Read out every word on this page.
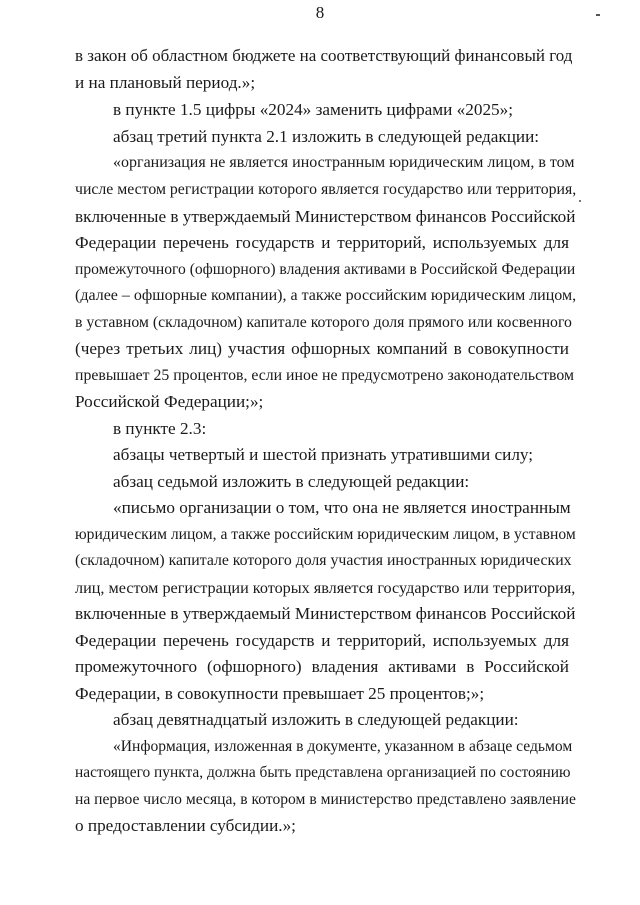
8
в закон об областном бюджете на соответствующий финансовый год
и на плановый период.»;
в пункте 1.5 цифры «2024» заменить цифрами «2025»;
абзац третий пункта 2.1 изложить в следующей редакции:
«организация не является иностранным юридическим лицом, в том
числе местом регистрации которого является государство или территория,
включенные в утверждаемый Министерством финансов Российской
Федерации перечень государств и территорий, используемых для
промежуточного (офшорного) владения активами в Российской Федерации
(далее – офшорные компании), а также российским юридическим лицом,
в уставном (складочном) капитале которого доля прямого или косвенного
(через третьих лиц) участия офшорных компаний в совокупности
превышает 25 процентов, если иное не предусмотрено законодательством
Российской Федерации;»;
в пункте 2.3:
абзацы четвертый и шестой признать утратившими силу;
абзац седьмой изложить в следующей редакции:
«письмо организации о том, что она не является иностранным
юридическим лицом, а также российским юридическим лицом, в уставном
(складочном) капитале которого доля участия иностранных юридических
лиц, местом регистрации которых является государство или территория,
включенные в утверждаемый Министерством финансов Российской
Федерации перечень государств и территорий, используемых для
промежуточного (офшорного) владения активами в Российской
Федерации, в совокупности превышает 25 процентов;»;
абзац девятнадцатый изложить в следующей редакции:
«Информация, изложенная в документе, указанном в абзаце седьмом
настоящего пункта, должна быть представлена организацией по состоянию
на первое число месяца, в котором в министерство представлено заявление
о предоставлении субсидии.»;
